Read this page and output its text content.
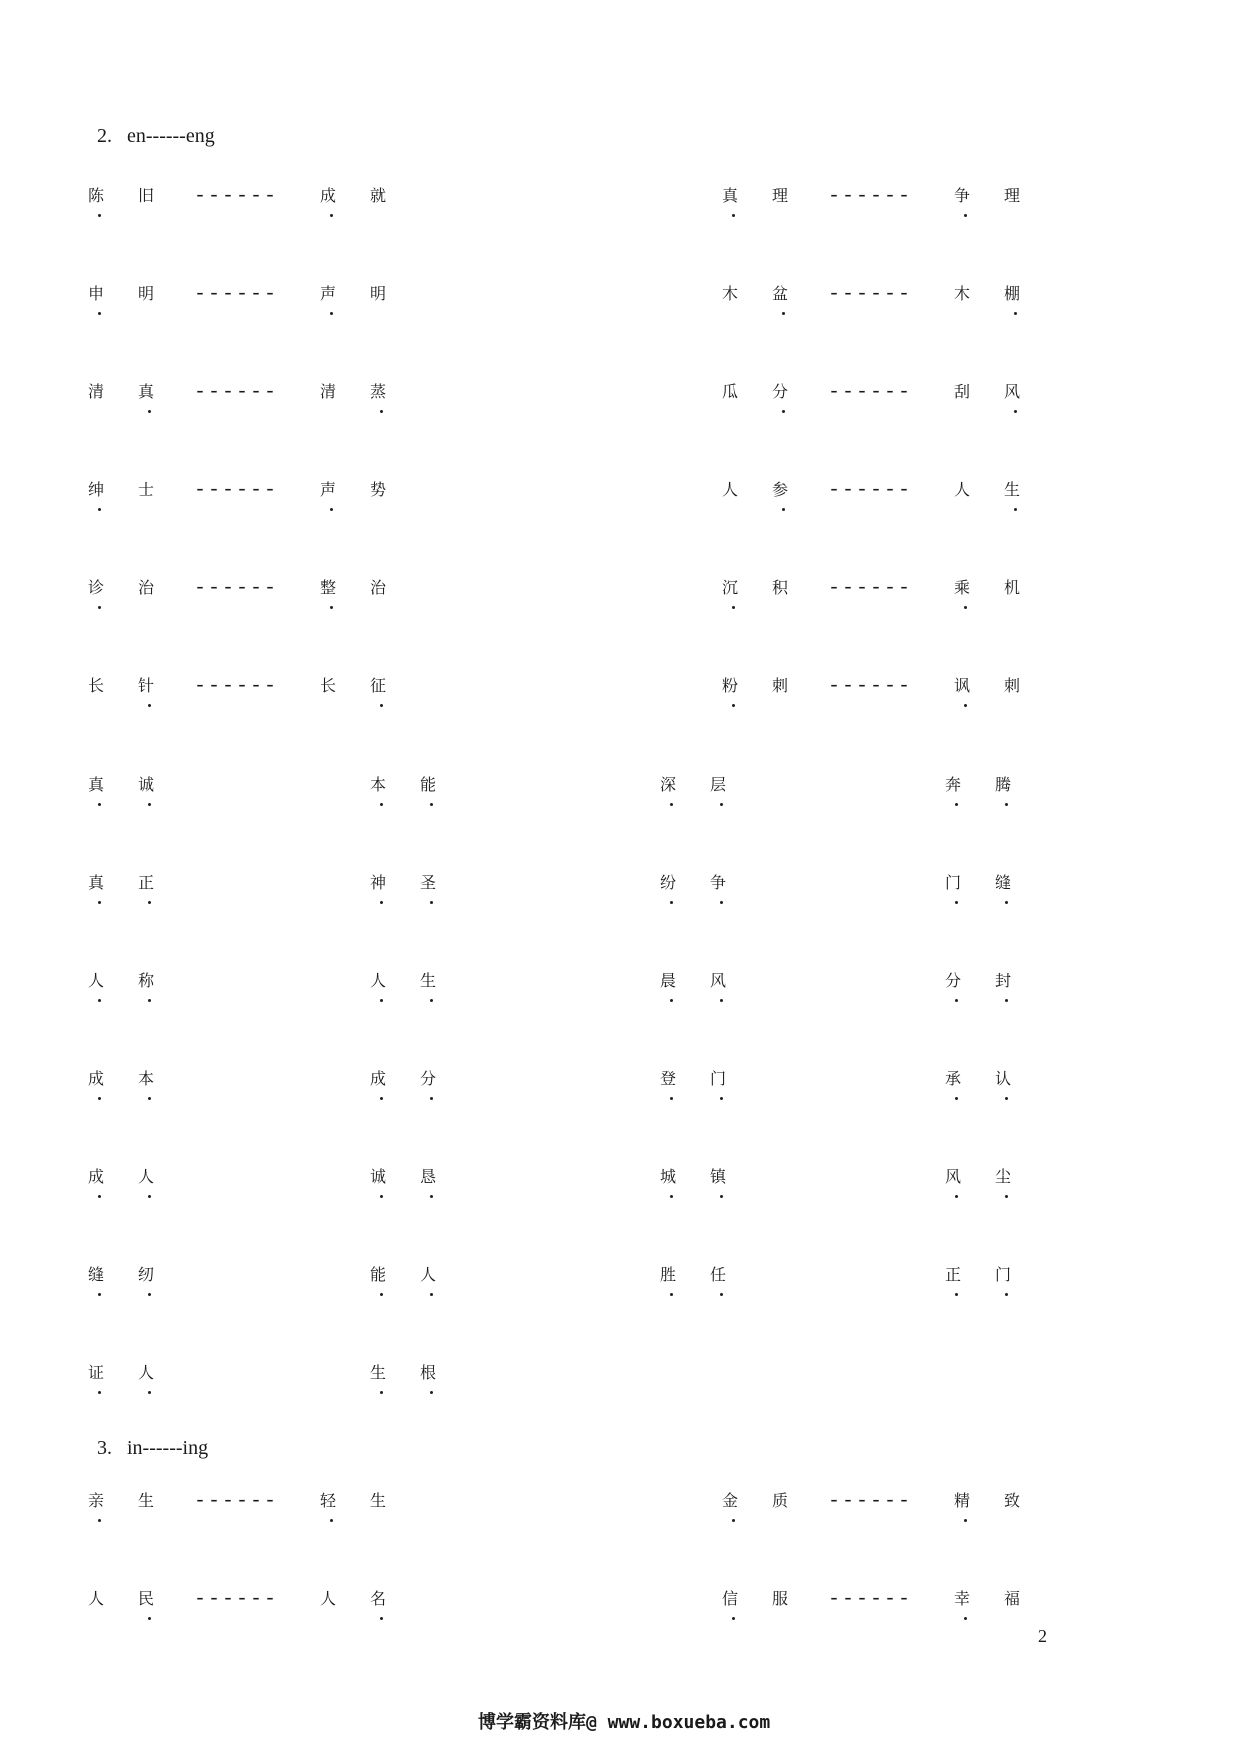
2. en------eng
陈 旧	------	成 就	真 理	------	争 理
申 明	------	声 明	木 盆	------	木 棚
清 真	------	清 蒸	瓜 分	------	刮 风
绅 士	------	声 势	人 参	------	人 生
诊 治	------	整 治	沉 积	------	乘 机
长 针	------	长 征	粉 刺	------	讽 刺
真 诚	本 能	深 层	奔 腾
真 正	神 圣	纷 争	门 缝
人 称	人 生	晨 风	分 封
成 本	成 分	登 门	承 认
成 人	诚 恳	城 镇	风 尘
缝 纫	能 人	胜 任	正 门
证 人	生 根
3. in------ing
亲 生	------	轻 生	金 质	------	精 致
人 民	------	人 名	信 服	------	幸 福
2
博学霸资料库@ www.boxueba.com
